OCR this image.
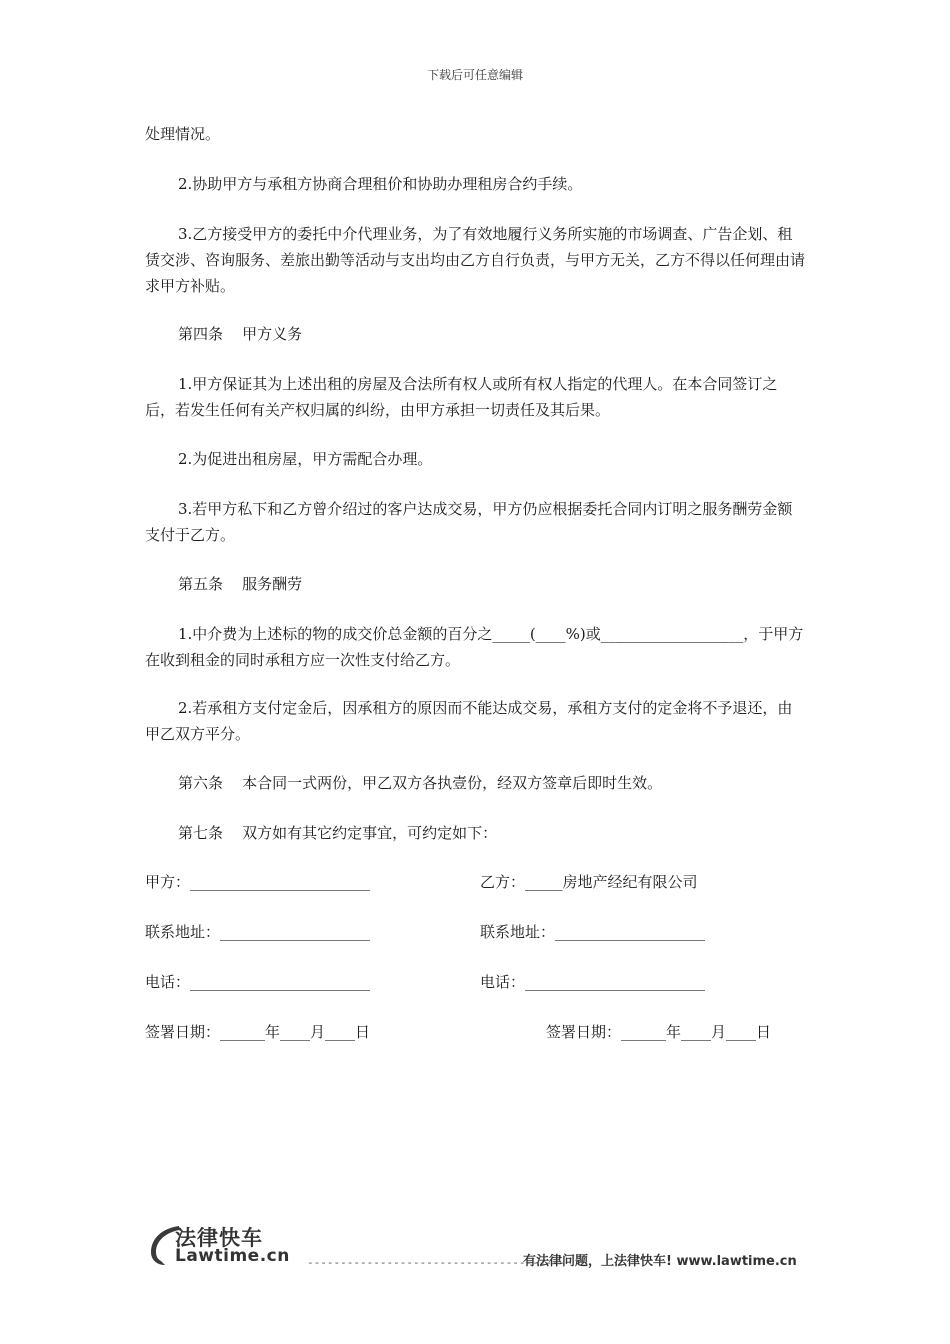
下载后可任意编辑

处理情况。

2.协助甲方与承租方协商合理租价和协助办理租房合约手续。

3.乙方接受甲方的委托中介代理业务，为了有效地履行义务所实施的市场调查、广告企划、租赁交涉、咨询服务、差旅出勤等活动与支出均由乙方自行负责，与甲方无关，乙方不得以任何理由请求甲方补贴。

第四条    甲方义务

1.甲方保证其为上述出租的房屋及合法所有权人或所有权人指定的代理人。在本合同签订之后，若发生任何有关产权归属的纠纷，由甲方承担一切责任及其后果。

2.为促进出租房屋，甲方需配合办理。

3.若甲方私下和乙方曾介绍过的客户达成交易，甲方仍应根据委托合同内订明之服务酬劳金额支付于乙方。

第五条    服务酬劳

1.中介费为上述标的物的成交价总金额的百分之_____(____%)或___________________，于甲方在收到租金的同时承租方应一次性支付给乙方。

2.若承租方支付定金后，因承租方的原因而不能达成交易，承租方支付的定金将不予退还，由甲乙双方平分。

第六条    本合同一式两份，甲乙双方各执壹份，经双方签章后即时生效。
第七条    双方如有其它约定事宜，可约定如下：
甲方：________________________	乙方：_____房地产经纪有限公司
联系地址：____________________	联系地址：____________________
电话：________________________	电话：________________________
签署日期：______年____月____日	签署日期：______年____月____日
法律快车
Lawtime.cn ---------------------------------------
有法律问题，上法律快车! www.lawtime.cn
